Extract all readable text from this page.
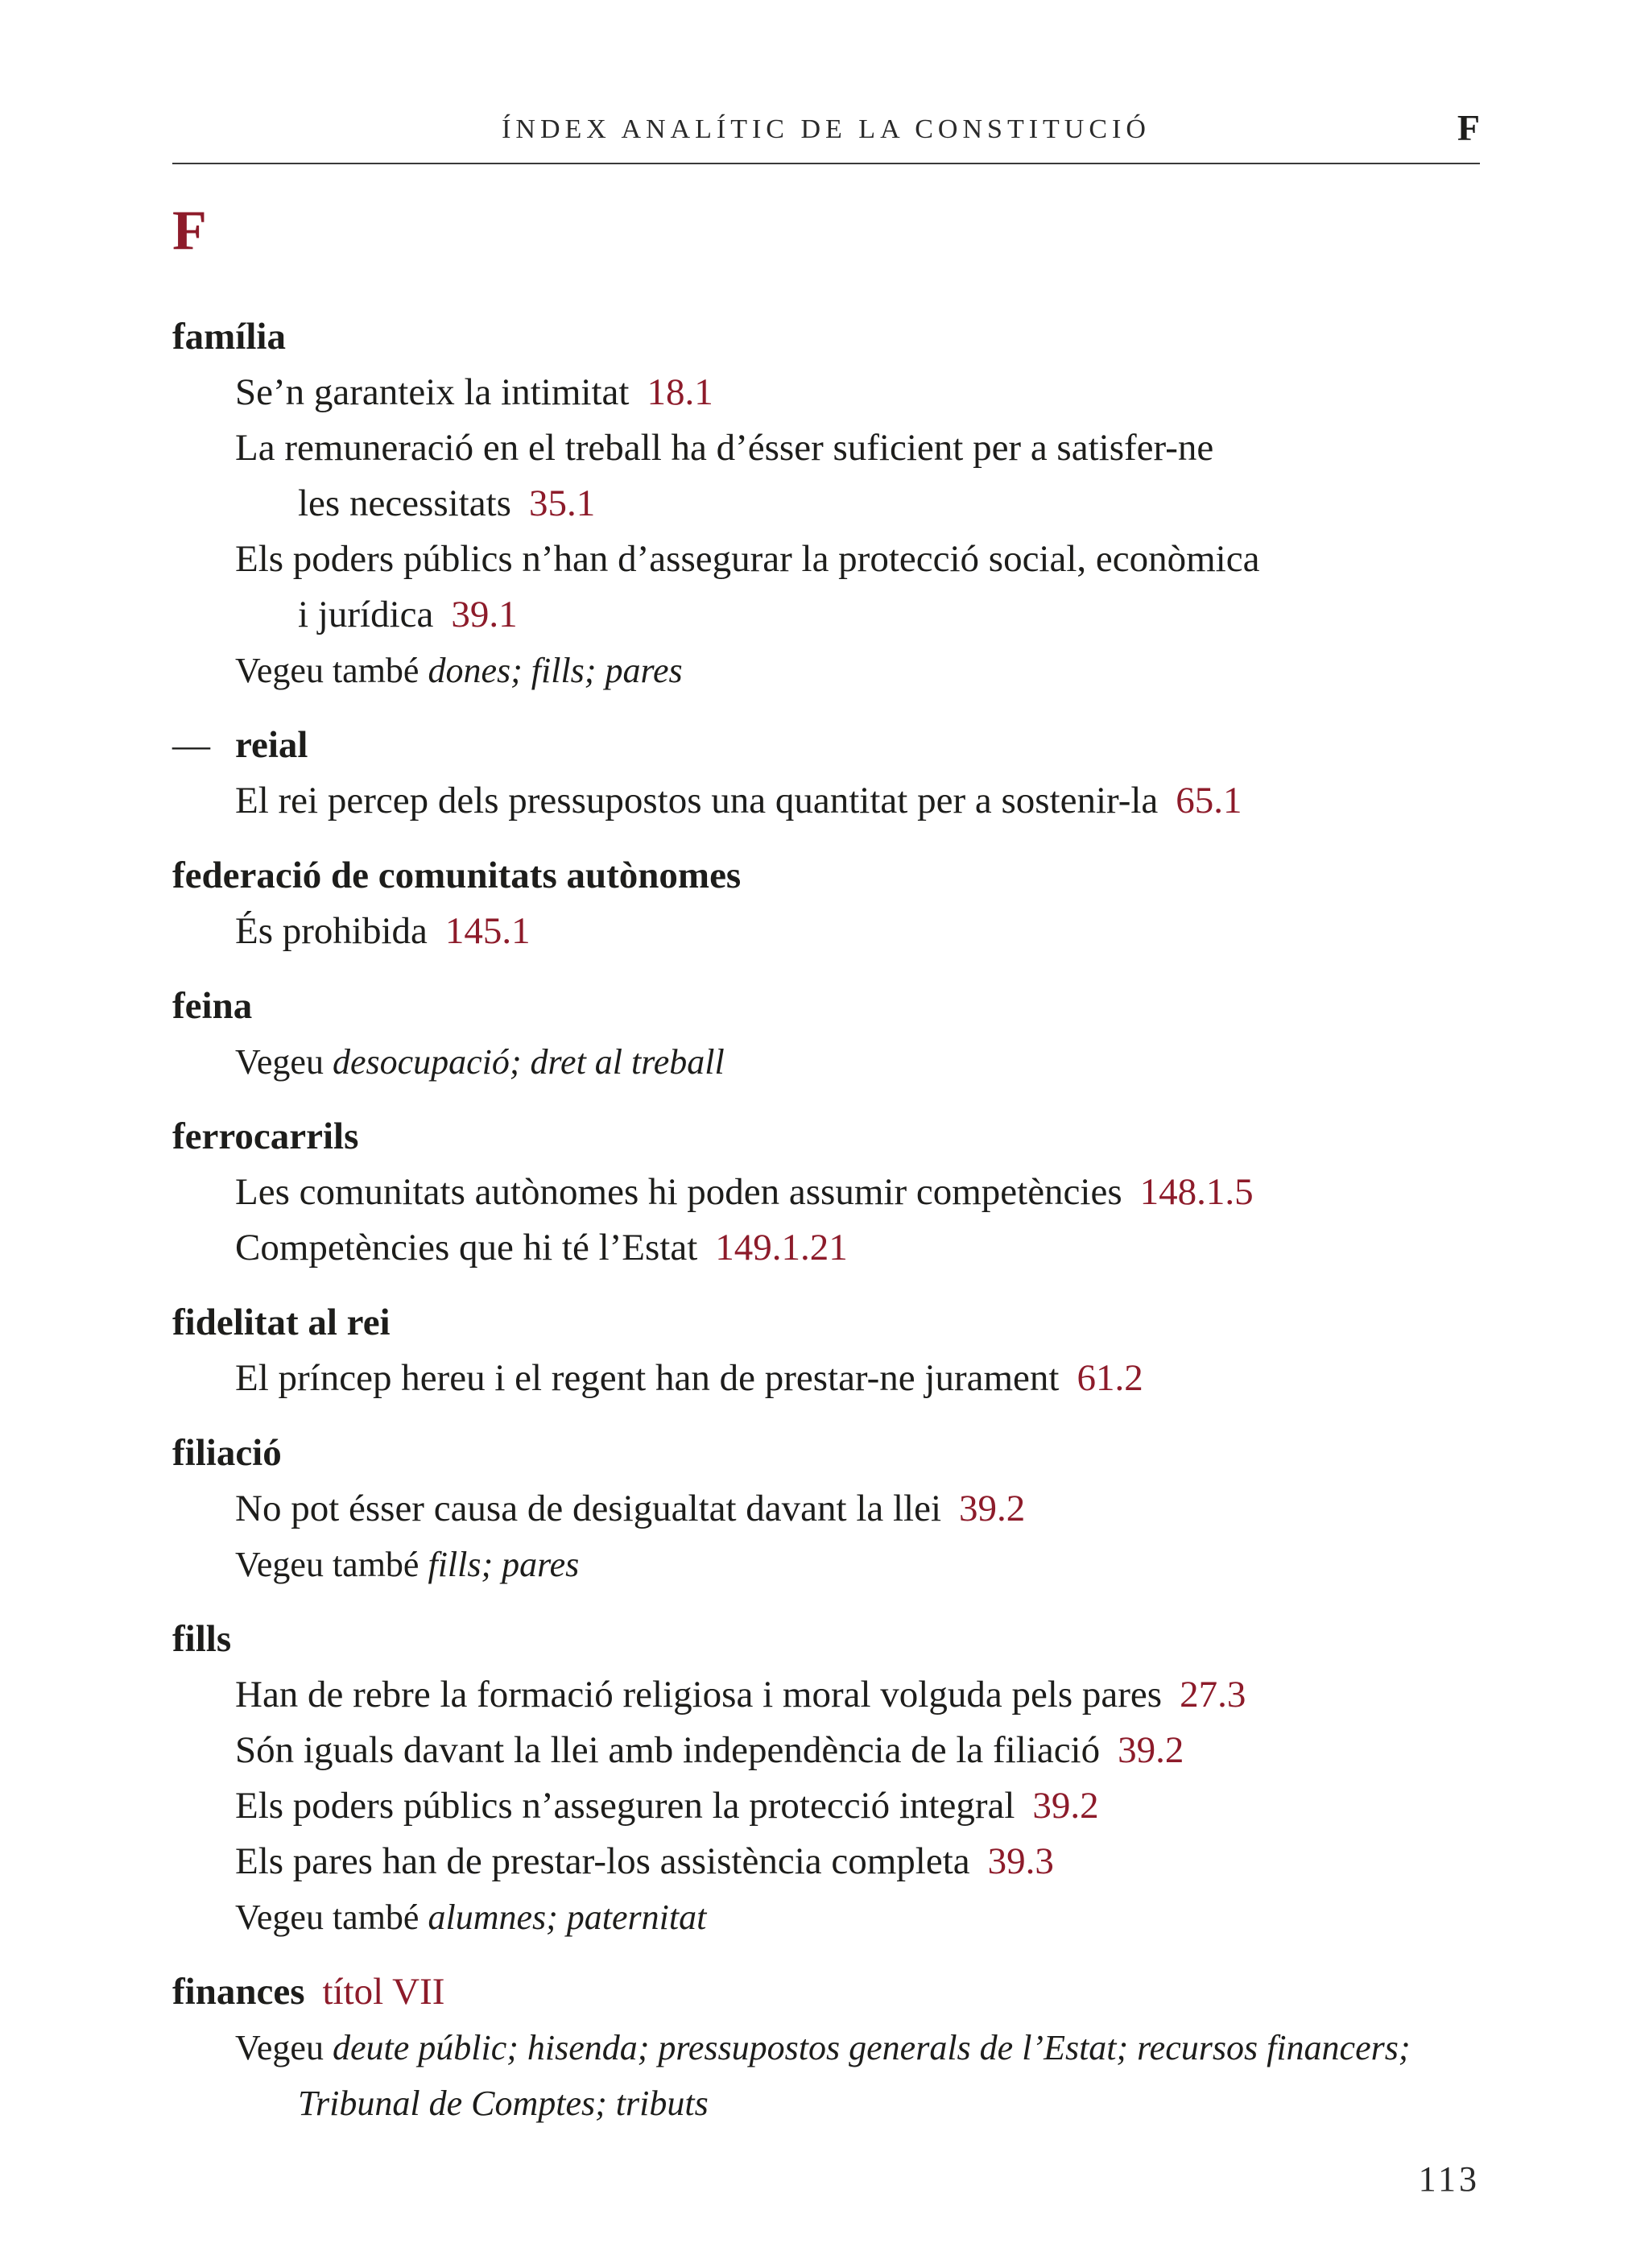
ÍNDEX ANALÍTIC DE LA CONSTITUCIÓ	F
F
família
Se’n garanteix la intimitat 18.1
La remuneració en el treball ha d’ésser suficient per a satisfer-ne
les necessitats 35.1
Els poders públics n’han d’assegurar la protecció social, econòmica
i jurídica 39.1
Vegeu també dones; fills; pares
— reial
El rei percep dels pressupostos una quantitat per a sostenir-la 65.1
federació de comunitats autònomes
És prohibida 145.1
feina
Vegeu desocupació; dret al treball
ferrocarrils
Les comunitats autònomes hi poden assumir competències 148.1.5
Competències que hi té l’Estat 149.1.21
fidelitat al rei
El príncep hereu i el regent han de prestar-ne jurament 61.2
filiació
No pot ésser causa de desigualtat davant la llei 39.2
Vegeu també fills; pares
fills
Han de rebre la formació religiosa i moral volguda pels pares 27.3
Són iguals davant la llei amb independència de la filiació 39.2
Els poders públics n’asseguren la protecció integral 39.2
Els pares han de prestar-los assistència completa 39.3
Vegeu també alumnes; paternitat
finances títol VII
Vegeu deute públic; hisenda; pressupostos generals de l’Estat; recursos financers;
Tribunal de Comptes; tributs
113
